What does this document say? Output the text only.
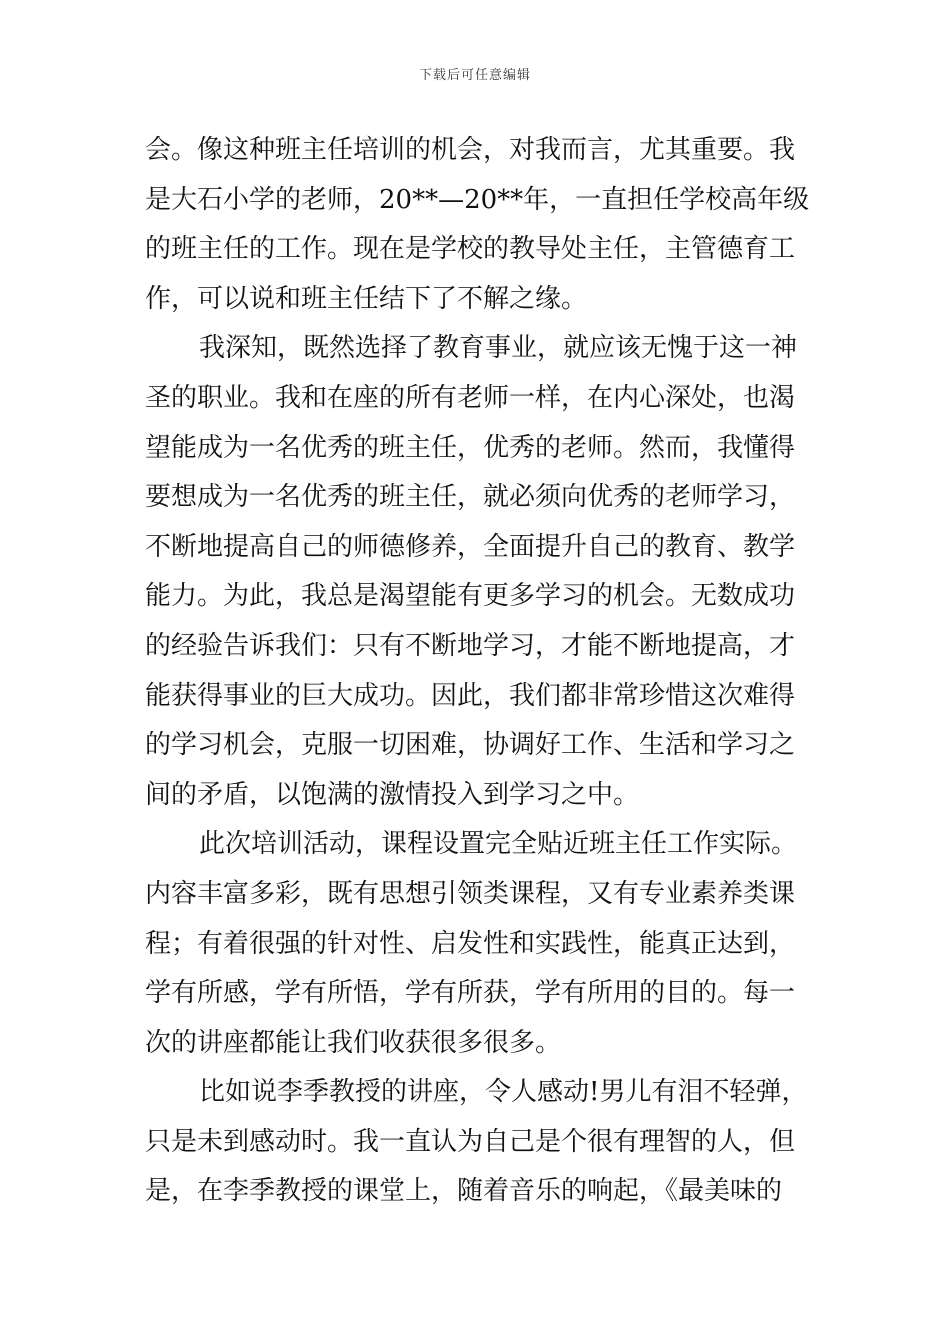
下载后可任意编辑
会。像这种班主任培训的机会，对我而言，尤其重要。我
是大石小学的老师，20**—20**年，一直担任学校高年级
的班主任的工作。现在是学校的教导处主任，主管德育工
作，可以说和班主任结下了不解之缘。
我深知，既然选择了教育事业，就应该无愧于这一神
圣的职业。我和在座的所有老师一样，在内心深处，也渴
望能成为一名优秀的班主任，优秀的老师。然而，我懂得
要想成为一名优秀的班主任，就必须向优秀的老师学习，
不断地提高自己的师德修养，全面提升自己的教育、教学
能力。为此，我总是渴望能有更多学习的机会。无数成功
的经验告诉我们：只有不断地学习，才能不断地提高，才
能获得事业的巨大成功。因此，我们都非常珍惜这次难得
的学习机会，克服一切困难，协调好工作、生活和学习之
间的矛盾，以饱满的激情投入到学习之中。
此次培训活动，课程设置完全贴近班主任工作实际。
内容丰富多彩，既有思想引领类课程，又有专业素养类课
程；有着很强的针对性、启发性和实践性，能真正达到，
学有所感，学有所悟，学有所获，学有所用的目的。每一
次的讲座都能让我们收获很多很多。
比如说李季教授的讲座，令人感动!男儿有泪不轻弹，
只是未到感动时。我一直认为自己是个很有理智的人，但
是，在李季教授的课堂上，随着音乐的响起，《最美味的
